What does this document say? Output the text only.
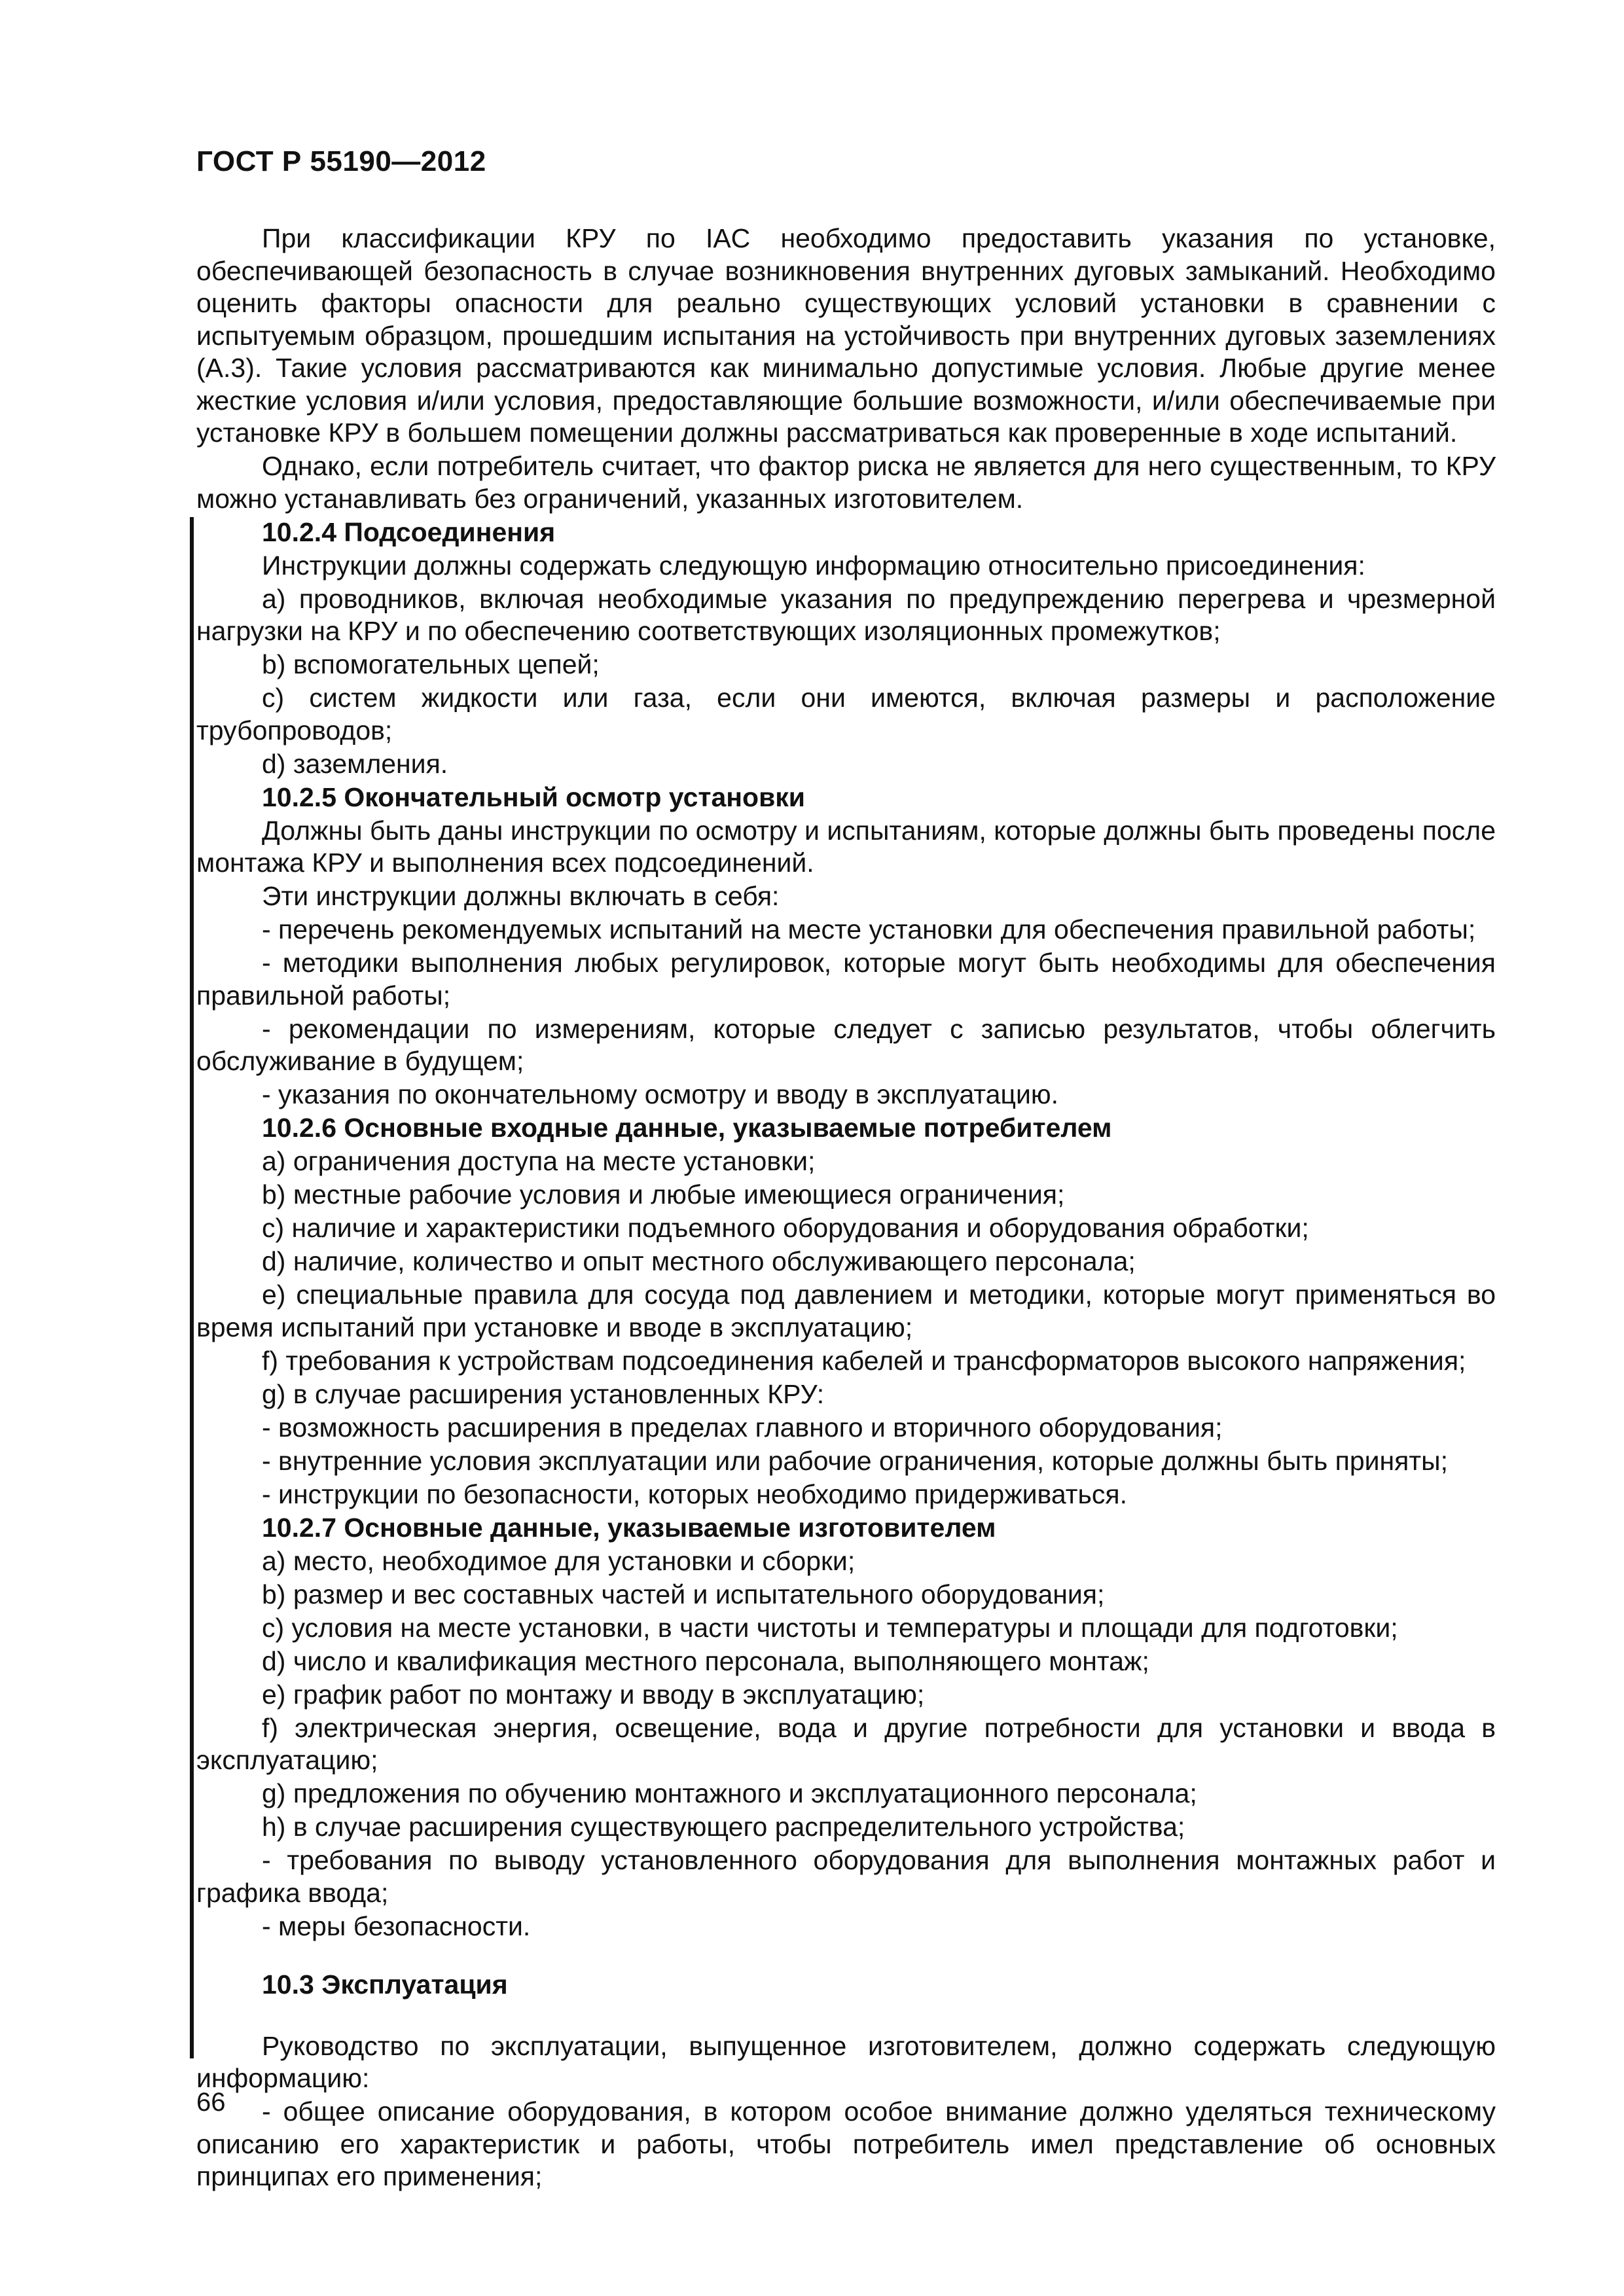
ГОСТ Р 55190—2012

При классификации КРУ по IAC необходимо предоставить указания по установке, обеспечивающей безопасность в случае возникновения внутренних дуговых замыканий. Необходимо оценить факторы опасности для реально существующих условий установки в сравнении с испытуемым образцом, прошедшим испытания на устойчивость при внутренних дуговых заземлениях (А.3). Такие условия рассматриваются как минимально допустимые условия. Любые другие менее жесткие условия и/или условия, предоставляющие большие возможности, и/или обеспечиваемые при установке КРУ в большем помещении должны рассматриваться как проверенные в ходе испытаний.

Однако, если потребитель считает, что фактор риска не является для него существенным, то КРУ можно устанавливать без ограничений, указанных изготовителем.

10.2.4 Подсоединения

Инструкции должны содержать следующую информацию относительно присоединения:

а) проводников, включая необходимые указания по предупреждению перегрева и чрезмерной нагрузки на КРУ и по обеспечению соответствующих изоляционных промежутков;

b) вспомогательных цепей;

с) систем жидкости или газа, если они имеются, включая размеры и расположение трубопроводов;

d) заземления.

10.2.5 Окончательный осмотр установки

Должны быть даны инструкции по осмотру и испытаниям, которые должны быть проведены после монтажа КРУ и выполнения всех подсоединений.

Эти инструкции должны включать в себя:

- перечень рекомендуемых испытаний на месте установки для обеспечения правильной работы;

- методики выполнения любых регулировок, которые могут быть необходимы для обеспечения правильной работы;

- рекомендации по измерениям, которые следует с записью результатов, чтобы облегчить обслуживание в будущем;

- указания по окончательному осмотру и вводу в эксплуатацию.

10.2.6 Основные входные данные, указываемые потребителем

а) ограничения доступа на месте установки;

b) местные рабочие условия и любые имеющиеся ограничения;

с) наличие и характеристики подъемного оборудования и оборудования обработки;

d) наличие, количество и опыт местного обслуживающего персонала;

е) специальные правила для сосуда под давлением и методики, которые могут применяться во время испытаний при установке и вводе в эксплуатацию;

f) требования к устройствам подсоединения кабелей и трансформаторов высокого напряжения;

g) в случае расширения установленных КРУ:

- возможность расширения в пределах главного и вторичного оборудования;

- внутренние условия эксплуатации или рабочие ограничения, которые должны быть приняты;

- инструкции по безопасности, которых необходимо придерживаться.

10.2.7 Основные данные, указываемые изготовителем

а) место, необходимое для установки и сборки;

b) размер и вес составных частей и испытательного оборудования;

с) условия на месте установки, в части чистоты и температуры и площади для подготовки;

d) число и квалификация местного персонала, выполняющего монтаж;

е) график работ по монтажу и вводу в эксплуатацию;

f) электрическая энергия, освещение, вода и другие потребности для установки и ввода в эксплуатацию;

g) предложения по обучению монтажного и эксплуатационного персонала;

h) в случае расширения существующего распределительного устройства;

- требования по выводу установленного оборудования для выполнения монтажных работ и графика ввода;

- меры безопасности.

10.3 Эксплуатация

Руководство по эксплуатации, выпущенное изготовителем, должно содержать следующую информацию:

- общее описание оборудования, в котором особое внимание должно уделяться техническому описанию его характеристик и работы, чтобы потребитель имел представление об основных принципах его применения;

66
